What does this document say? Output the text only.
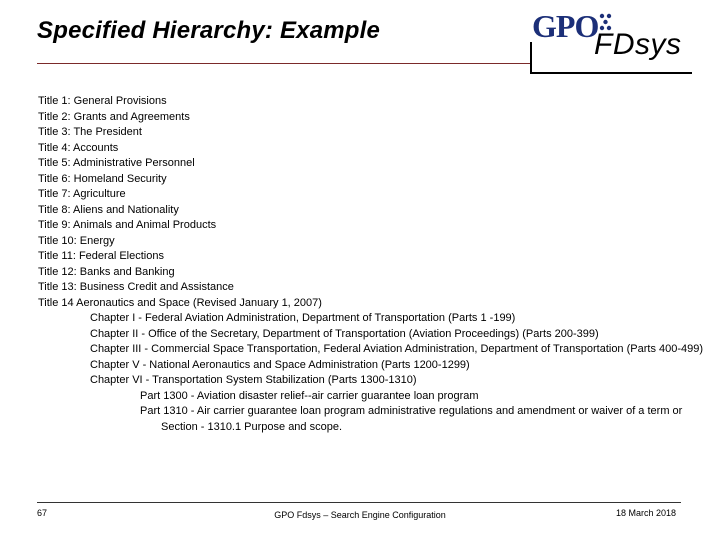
Specified Hierarchy: Example	GPO
FDsys
Title 1: General Provisions
Title 2: Grants and Agreements
Title 3: The President
Title 4: Accounts
Title 5: Administrative Personnel
Title 6: Homeland Security
Title 7: Agriculture
Title 8: Aliens and Nationality
Title 9: Animals and Animal Products
Title 10: Energy
Title 11: Federal Elections
Title 12: Banks and Banking
Title 13: Business Credit and Assistance
Title 14 Aeronautics and Space (Revised January 1, 2007)
Chapter I - Federal Aviation Administration, Department of Transportation (Parts 1 -199)
Chapter II - Office of the Secretary, Department of Transportation (Aviation Proceedings) (Parts 200-399)
Chapter III - Commercial Space Transportation, Federal Aviation Administration, Department of Transportation (Parts 400-499)
Chapter V - National Aeronautics and Space Administration (Parts 1200-1299)
Chapter VI - Transportation System Stabilization (Parts 1300-1310)
Part 1300 - Aviation disaster relief--air carrier guarantee loan program
Part 1310 - Air carrier guarantee loan program administrative regulations and amendment or waiver of a term or
Section - 1310.1 Purpose and scope.
67	GPO Fdsys – Search Engine Configuration	18 March 2018
